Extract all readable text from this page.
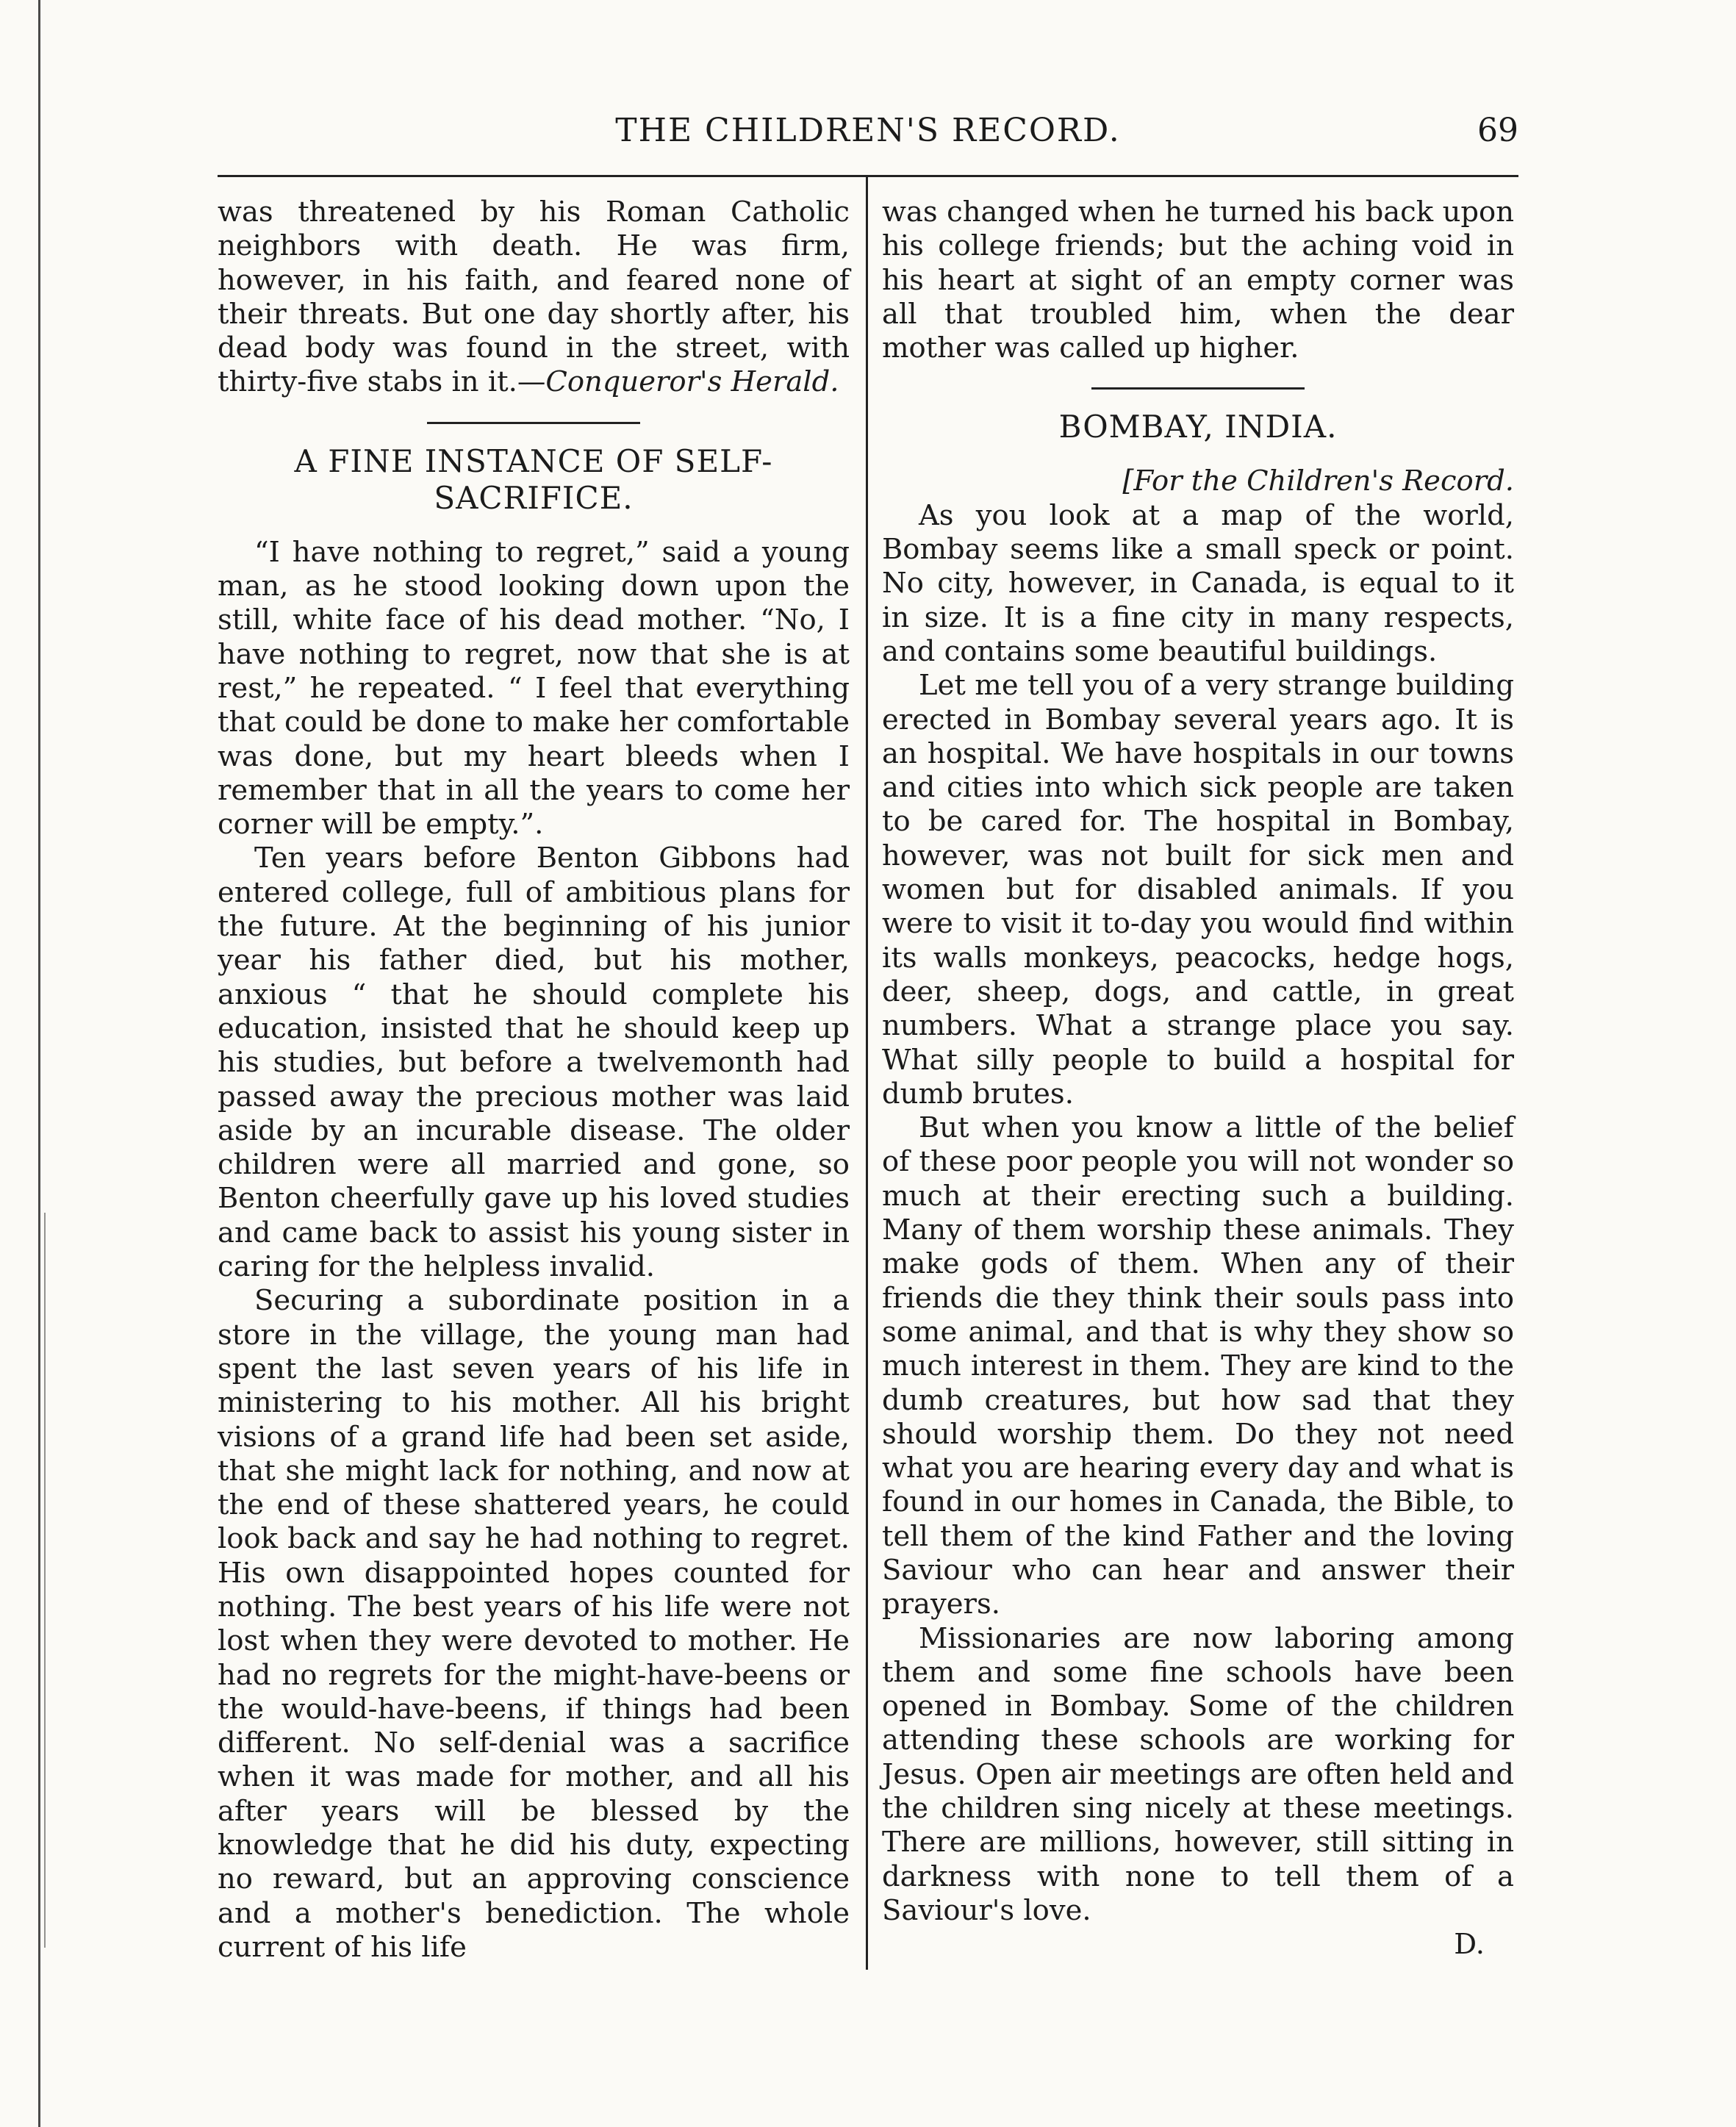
THE CHILDREN'S RECORD.	69

was threatened by his Roman Catholic neighbors with death. He was firm, however, in his faith, and feared none of their threats. But one day shortly after, his dead body was found in the street, with thirty-five stabs in it.—Conqueror's Herald.

A FINE INSTANCE OF SELF-SACRIFICE.

“I have nothing to regret,” said a young man, as he stood looking down upon the still, white face of his dead mother. “No, I have nothing to regret, now that she is at rest,” he repeated. “ I feel that everything that could be done to make her comfortable was done, but my heart bleeds when I remember that in all the years to come her corner will be empty.”.

Ten years before Benton Gibbons had entered college, full of ambitious plans for the future. At the beginning of his junior year his father died, but his mother, anxious “ that he should complete his education, insisted that he should keep up his studies, but before a twelvemonth had passed away the precious mother was laid aside by an incurable disease. The older children were all married and gone, so Benton cheerfully gave up his loved studies and came back to assist his young sister in caring for the helpless invalid.

Securing a subordinate position in a store in the village, the young man had spent the last seven years of his life in ministering to his mother. All his bright visions of a grand life had been set aside, that she might lack for nothing, and now at the end of these shattered years, he could look back and say he had nothing to regret. His own disappointed hopes counted for nothing. The best years of his life were not lost when they were devoted to mother. He had no regrets for the might-have-beens or the would-have-beens, if things had been different. No self-denial was a sacrifice when it was made for mother, and all his after years will be blessed by the knowledge that he did his duty, expecting no reward, but an approving conscience and a mother's benediction. The whole current of his life

was changed when he turned his back upon his college friends; but the aching void in his heart at sight of an empty corner was all that troubled him, when the dear mother was called up higher.

BOMBAY, INDIA.

[For the Children's Record.

As you look at a map of the world, Bombay seems like a small speck or point. No city, however, in Canada, is equal to it in size. It is a fine city in many respects, and contains some beautiful buildings.

Let me tell you of a very strange building erected in Bombay several years ago. It is an hospital. We have hospitals in our towns and cities into which sick people are taken to be cared for. The hospital in Bombay, however, was not built for sick men and women but for disabled animals. If you were to visit it to-day you would find within its walls monkeys, peacocks, hedge hogs, deer, sheep, dogs, and cattle, in great numbers. What a strange place you say. What silly people to build a hospital for dumb brutes.

But when you know a little of the belief of these poor people you will not wonder so much at their erecting such a building. Many of them worship these animals. They make gods of them. When any of their friends die they think their souls pass into some animal, and that is why they show so much interest in them. They are kind to the dumb creatures, but how sad that they should worship them. Do they not need what you are hearing every day and what is found in our homes in Canada, the Bible, to tell them of the kind Father and the loving Saviour who can hear and answer their prayers.

Missionaries are now laboring among them and some fine schools have been opened in Bombay. Some of the children attending these schools are working for Jesus. Open air meetings are often held and the children sing nicely at these meetings. There are millions, however, still sitting in darkness with none to tell them of a Saviour's love.

D.
